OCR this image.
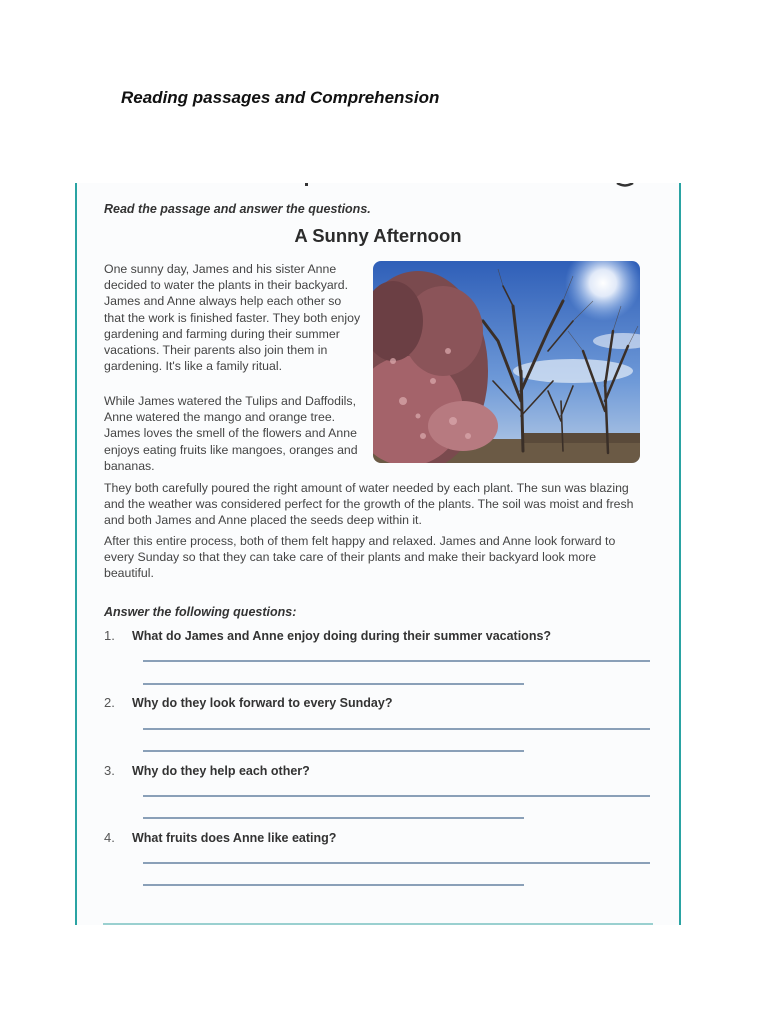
Reading passages and Comprehension
Read the passage and answer the questions.
A Sunny Afternoon

One sunny day, James and his sister Anne decided to water the plants in their backyard. James and Anne always help each other so that the work is finished faster. They both enjoy gardening and farming during their summer vacations. Their parents also join them in gardening. It's like a family ritual.

While James watered the Tulips and Daffodils, Anne watered the mango and orange tree. James loves the smell of the flowers and Anne enjoys eating fruits like mangoes, oranges and bananas.

They both carefully poured the right amount of water needed by each plant. The sun was blazing and the weather was considered perfect for the growth of the plants. The soil was moist and fresh and both James and Anne placed the seeds deep within it.

After this entire process, both of them felt happy and relaxed. James and Anne look forward to every Sunday so that they can take care of their plants and make their backyard look more beautiful.

Answer the following questions:
1. What do James and Anne enjoy doing during their summer vacations?
2. Why do they look forward to every Sunday?
3. Why do they help each other?
4. What fruits does Anne like eating?
